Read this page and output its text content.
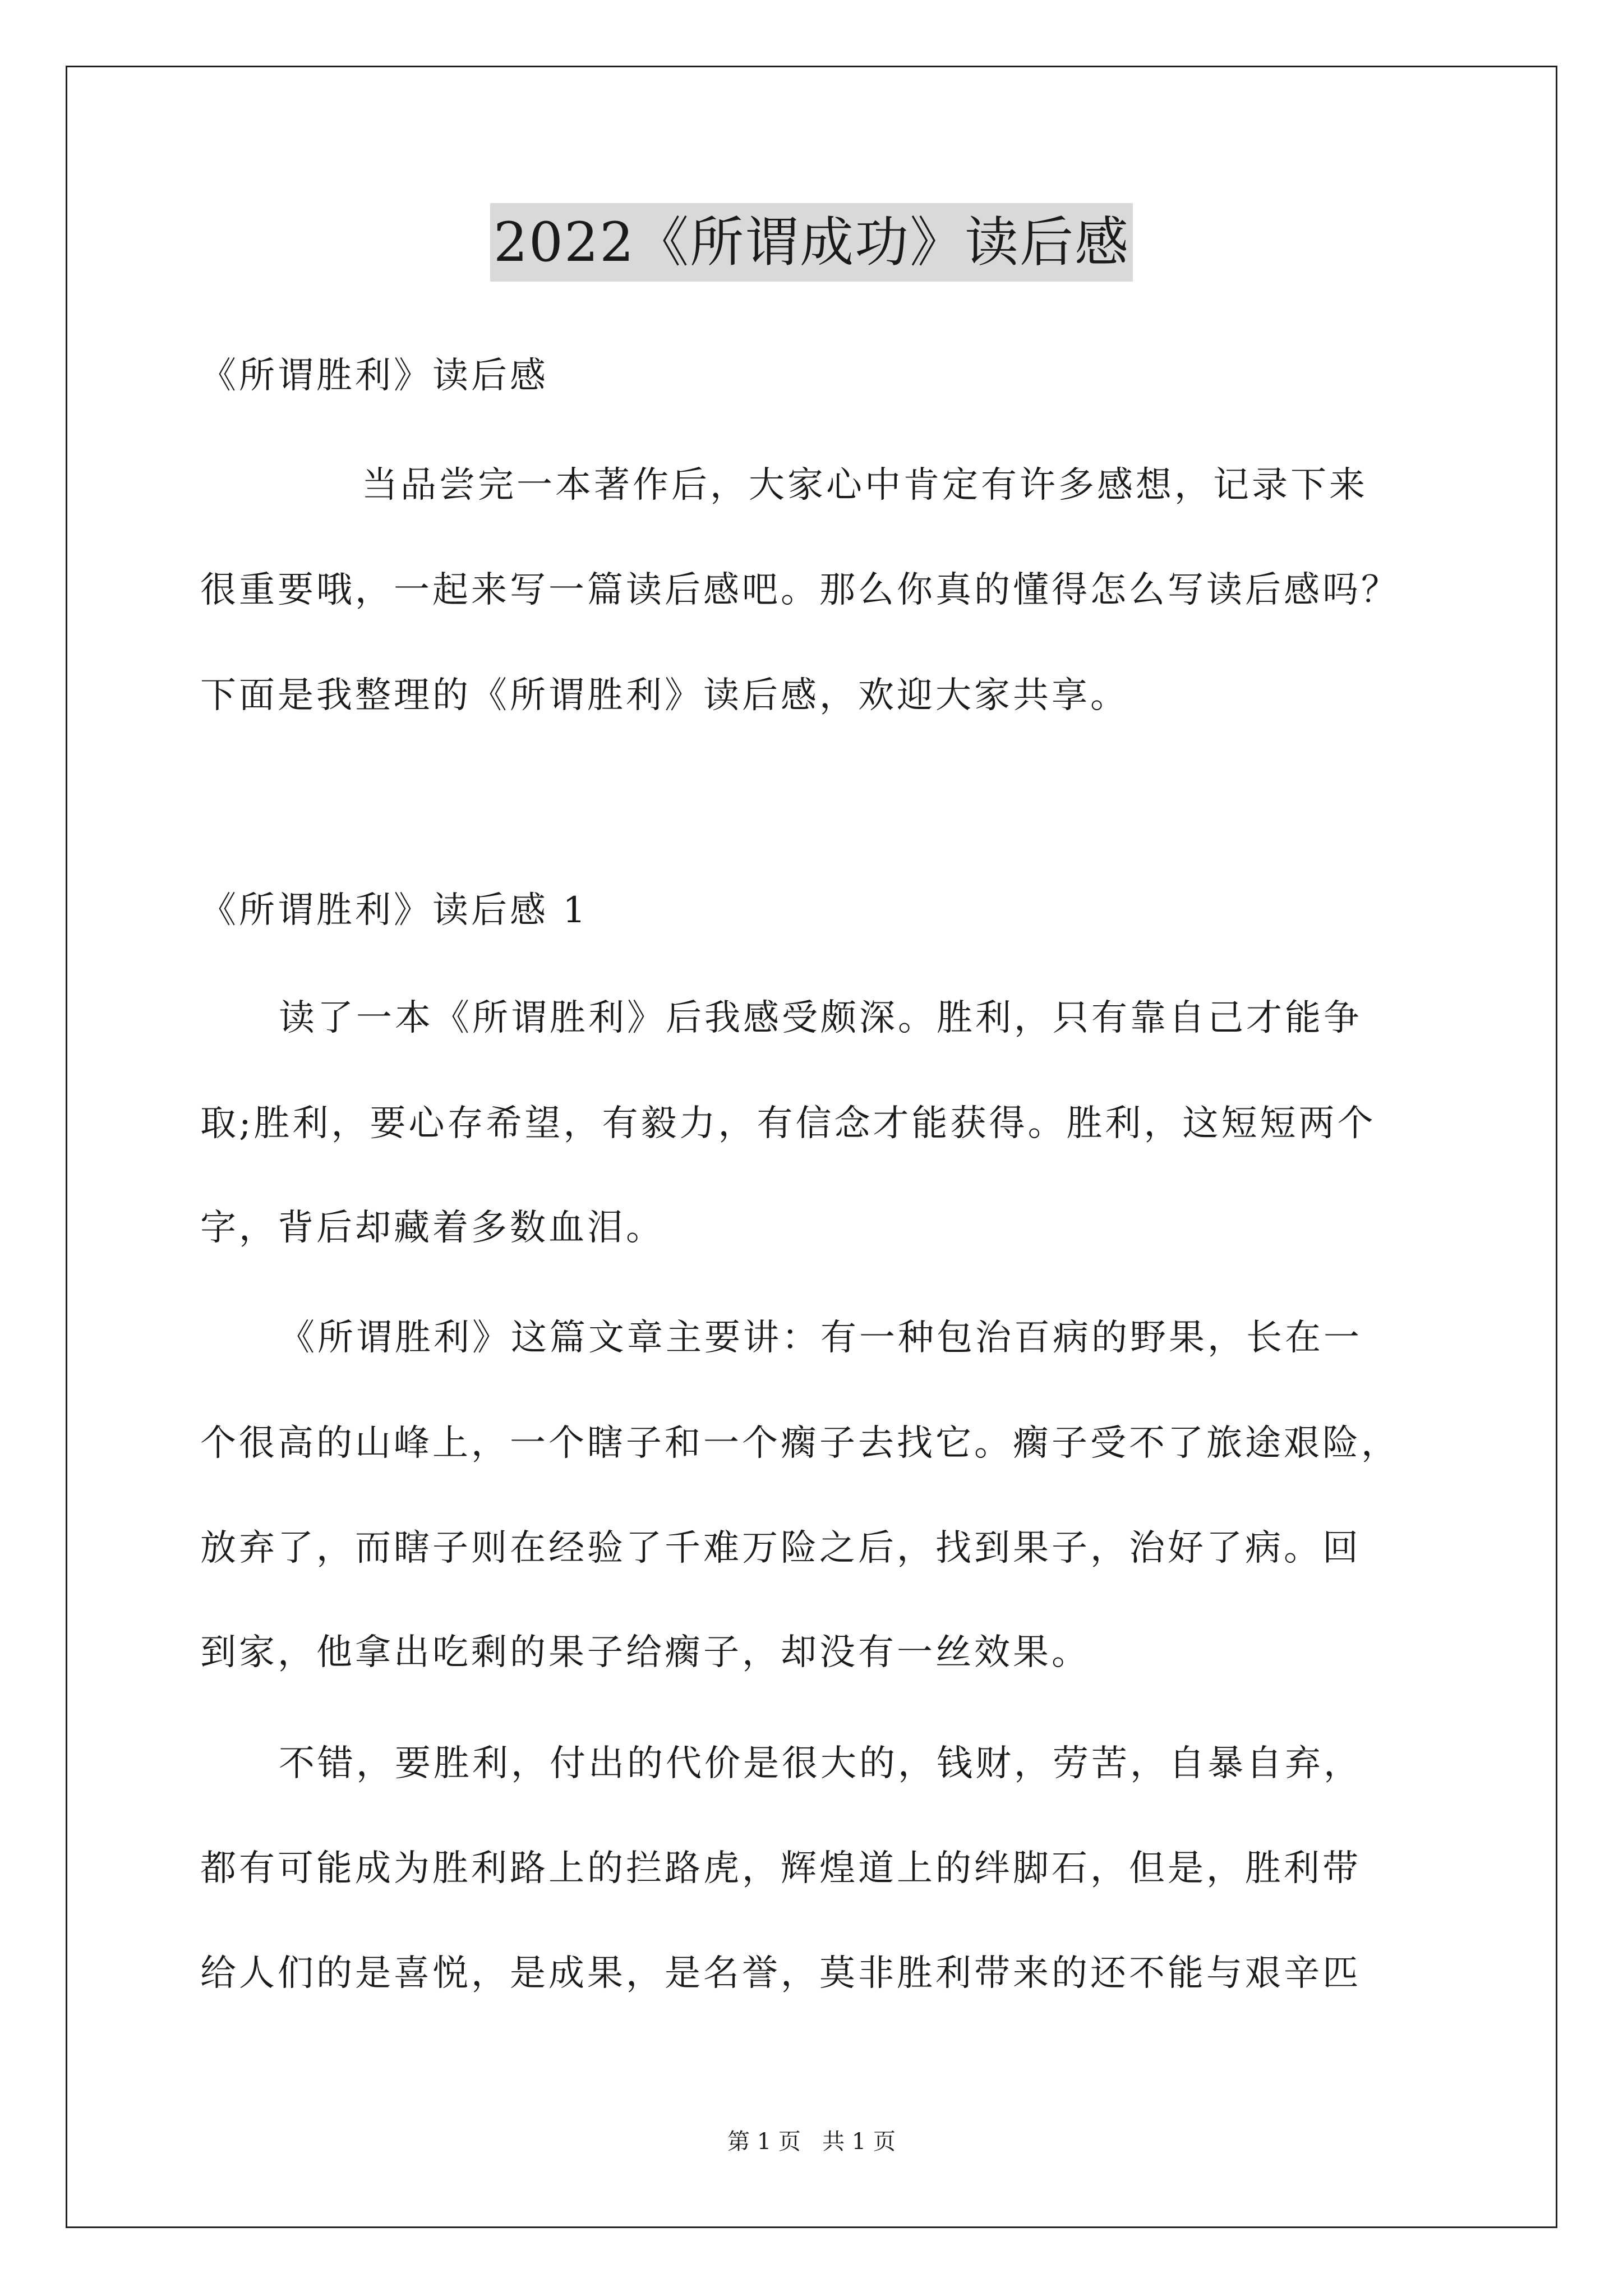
2022《所谓成功》读后感

《所谓胜利》读后感

当品尝完一本著作后，大家心中肯定有许多感想，记录下来

很重要哦，一起来写一篇读后感吧。那么你真的懂得怎么写读后感吗？

下面是我整理的《所谓胜利》读后感，欢迎大家共享。

《所谓胜利》读后感 1

读了一本《所谓胜利》后我感受颇深。胜利，只有靠自己才能争

取;胜利，要心存希望，有毅力，有信念才能获得。胜利，这短短两个

字，背后却藏着多数血泪。

《所谓胜利》这篇文章主要讲：有一种包治百病的野果，长在一

个很高的山峰上，一个瞎子和一个瘸子去找它。瘸子受不了旅途艰险，

放弃了，而瞎子则在经验了千难万险之后，找到果子，治好了病。回

到家，他拿出吃剩的果子给瘸子，却没有一丝效果。

不错，要胜利，付出的代价是很大的，钱财，劳苦，自暴自弃，

都有可能成为胜利路上的拦路虎，辉煌道上的绊脚石，但是，胜利带

给人们的是喜悦，是成果，是名誉，莫非胜利带来的还不能与艰辛匹

第 1 页   共 1 页
